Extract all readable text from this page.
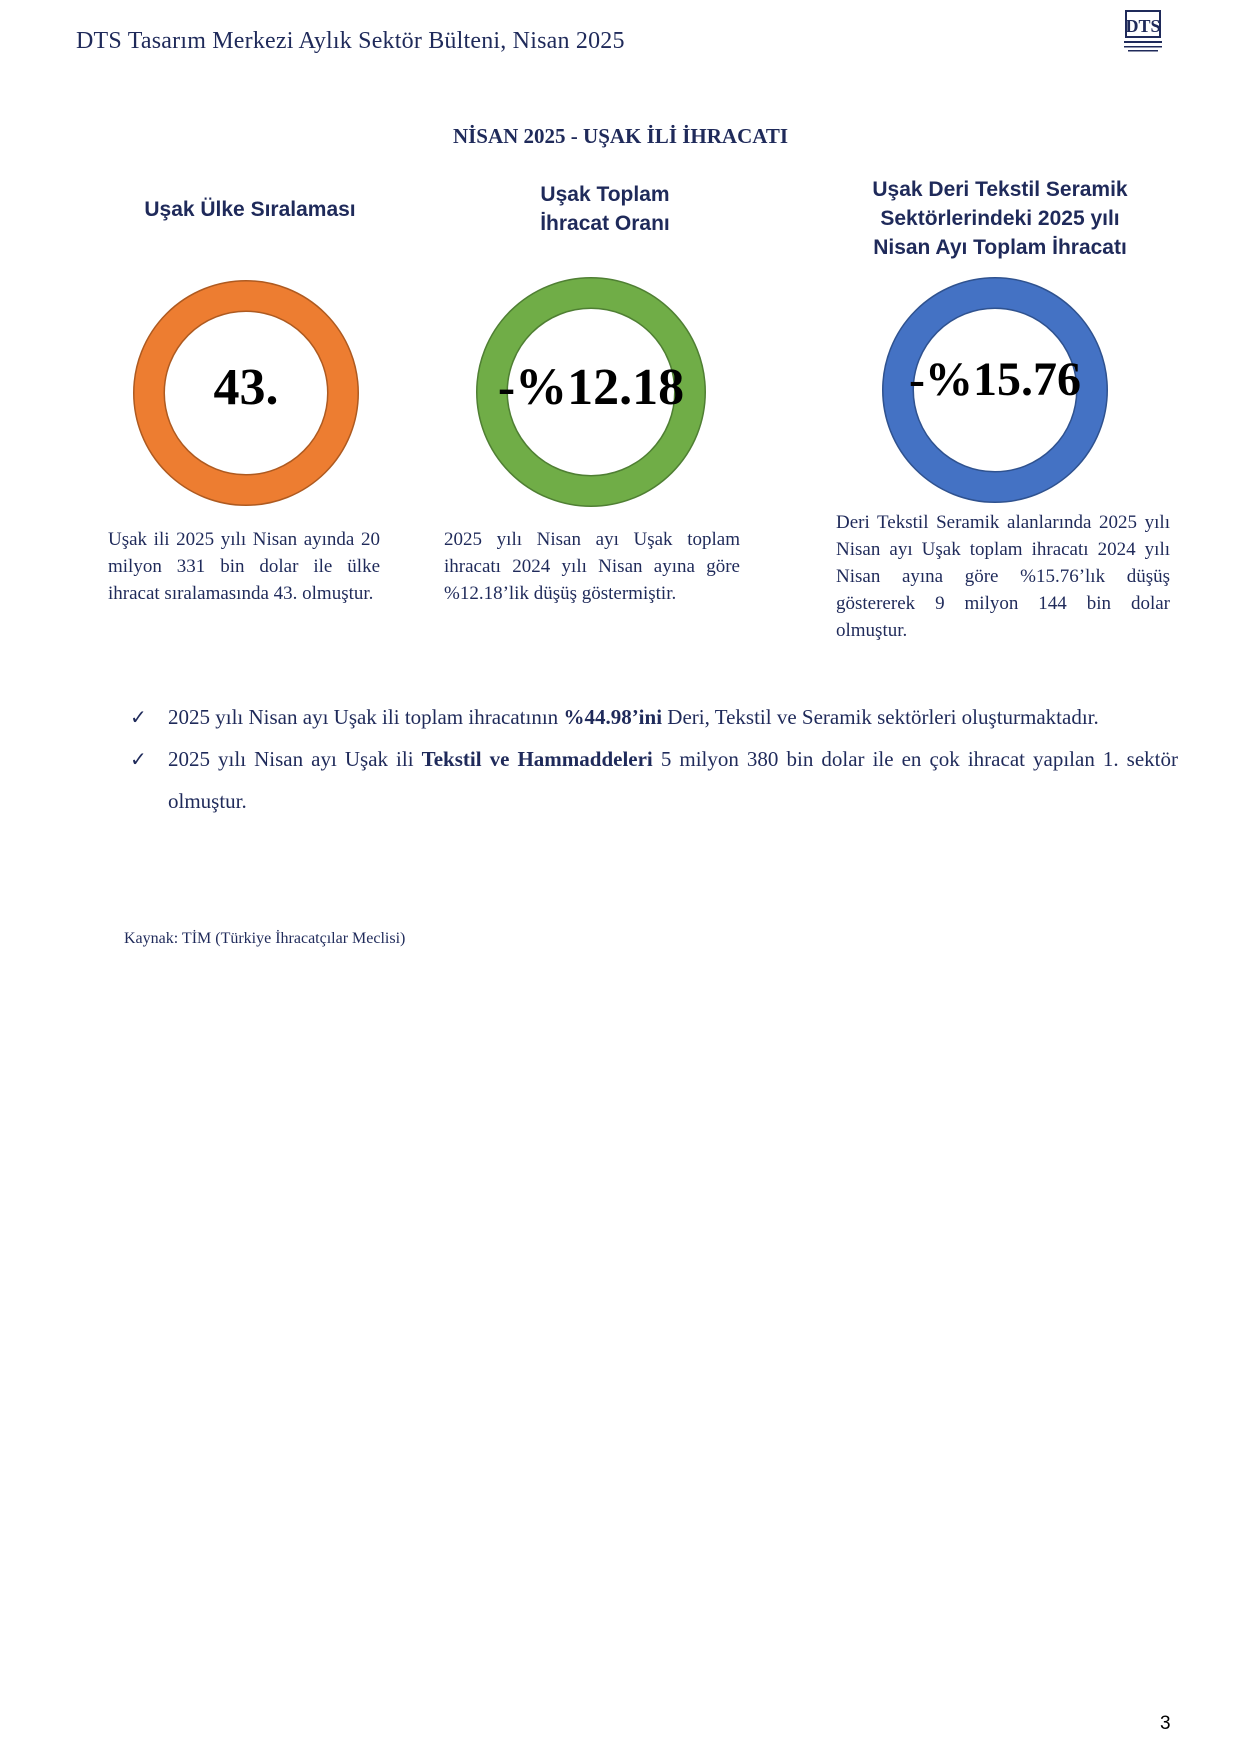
DTS Tasarım Merkezi Aylık Sektör Bülteni, Nisan 2025
DTS
NİSAN 2025 - UŞAK İLİ İHRACATI
Uşak Ülke Sıralaması
Uşak Toplam
İhracat Oranı
Uşak Deri Tekstil Seramik
Sektörlerindeki 2025 yılı
Nisan Ayı Toplam İhracatı
43.	-%12.18	-%15.76
Uşak ili 2025 yılı Nisan ayında 20 milyon 331 bin dolar ile ülke ihracat sıralamasında 43. olmuştur.
2025 yılı Nisan ayı Uşak toplam ihracatı 2024 yılı Nisan ayına göre %12.18’lik düşüş göstermiştir.
Deri Tekstil Seramik alanlarında 2025 yılı Nisan ayı Uşak toplam ihracatı 2024 yılı Nisan ayına göre %15.76’lık düşüş göstererek 9 milyon 144 bin dolar olmuştur.
✓ 2025 yılı Nisan ayı Uşak ili toplam ihracatının %44.98’ini Deri, Tekstil ve Seramik sektörleri oluşturmaktadır.
✓ 2025 yılı Nisan ayı Uşak ili Tekstil ve Hammaddeleri 5 milyon 380 bin dolar ile en çok ihracat yapılan 1. sektör olmuştur.
Kaynak: TİM (Türkiye İhracatçılar Meclisi)
3
